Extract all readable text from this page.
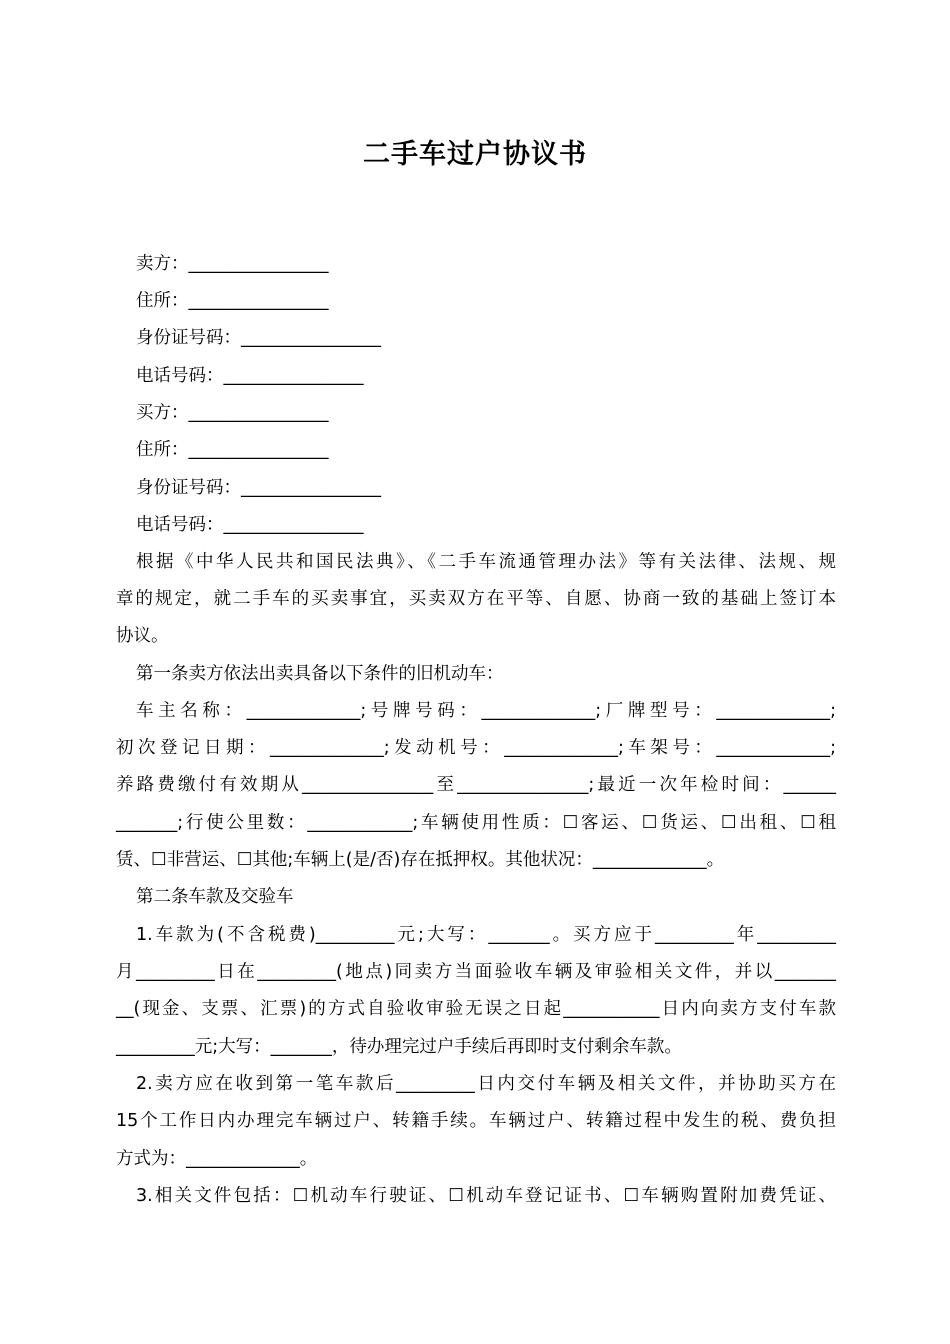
二手车过户协议书
卖方：________________
住所：________________
身份证号码：________________
电话号码：________________
买方：________________
住所：________________
身份证号码：________________
电话号码：________________
根据《中华人民共和国民法典》、《二手车流通管理办法》等有关法律、法规、规
章的规定，就二手车的买卖事宜，买卖双方在平等、自愿、协商一致的基础上签订本
协议。
第一条卖方依法出卖具备以下条件的旧机动车：
车主名称：_____________;号牌号码：_____________;厂牌型号：_____________;
初次登记日期：_____________;发动机号：_____________;车架号：_____________;
养路费缴付有效期从_______________至_______________;最近一次年检时间：______
_______;行使公里数：____________;车辆使用性质：☐客运、☐货运、☐出租、☐租
赁、☐非营运、☐其他;车辆上(是/否)存在抵押权。其他状况：_____________。
第二条车款及交验车
1.车款为(不含税费)_________元;大写：_______。买方应于_________年_________
月_________日在_________(地点)同卖方当面验收车辆及审验相关文件，并以_______
__(现金、支票、汇票)的方式自验收审验无误之日起___________日内向卖方支付车款
_________元;大写：_______，待办理完过户手续后再即时支付剩余车款。
2.卖方应在收到第一笔车款后_________日内交付车辆及相关文件，并协助买方在
15个工作日内办理完车辆过户、转籍手续。车辆过户、转籍过程中发生的税、费负担
方式为：_____________。
3.相关文件包括：☐机动车行驶证、☐机动车登记证书、☐车辆购置附加费凭证、
